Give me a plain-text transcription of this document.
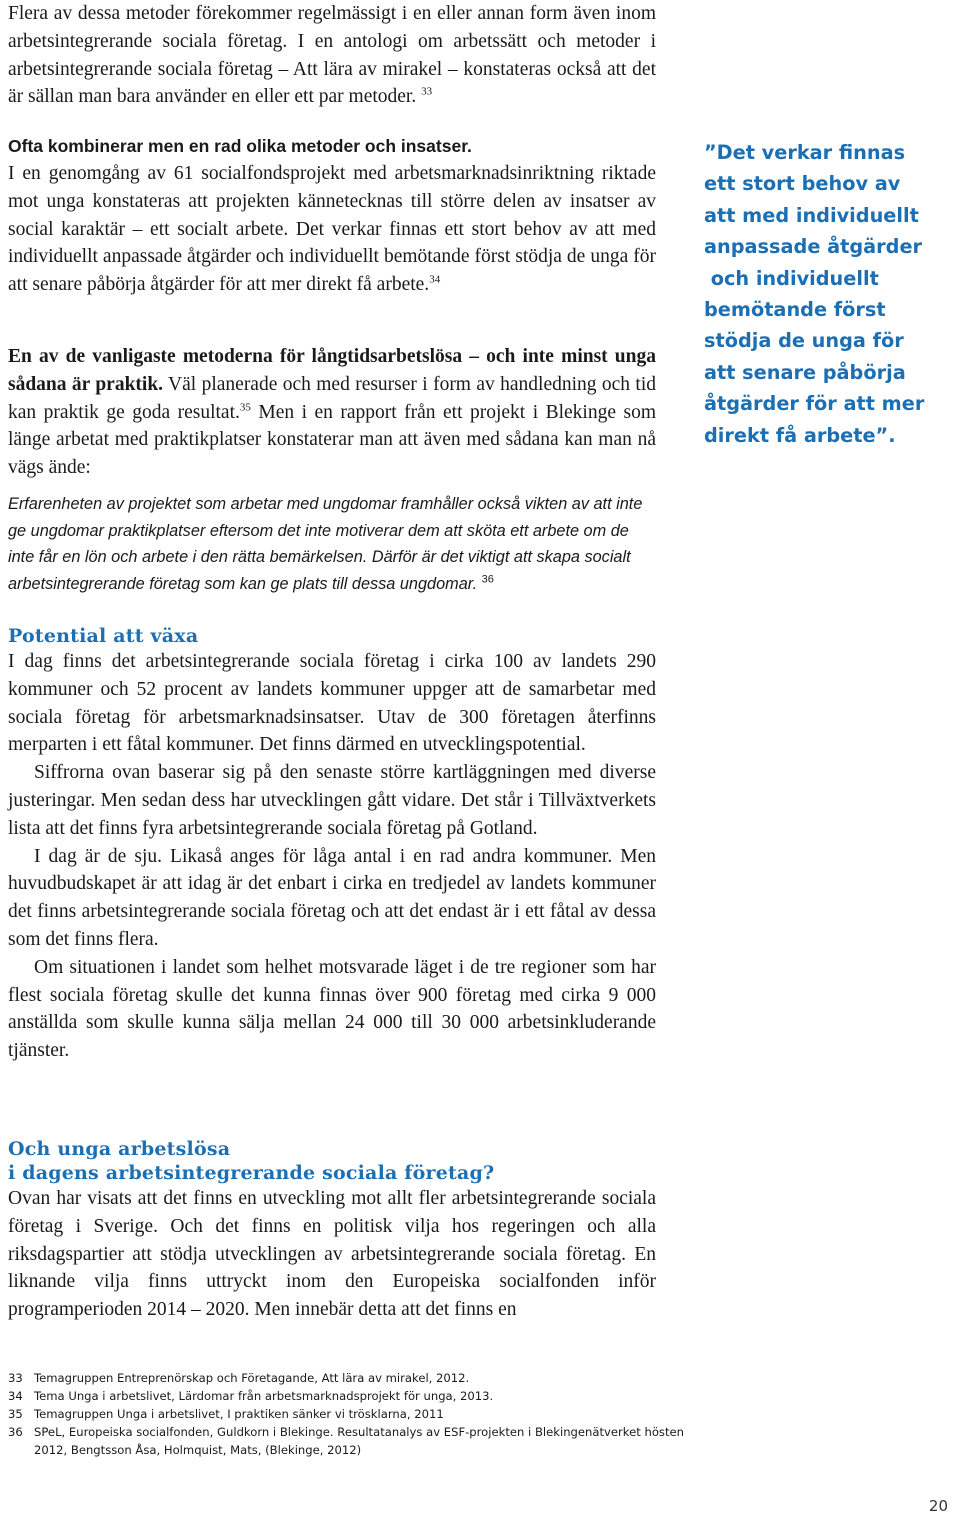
Flera av dessa metoder förekommer regelmässigt i en eller annan form även inom arbetsintegrerande sociala företag. I en antologi om arbetssätt och metoder i arbetsintegrerande sociala företag – Att lära av mirakel – konstateras också att det är sällan man bara använder en eller ett par metoder. $^{33}$

Ofta kombinerar men en rad olika metoder och insatser.

I en genomgång av 61 socialfondsprojekt med arbetsmarknadsinriktning riktade mot unga konstateras att projekten kännetecknas till större delen av insatser av social karaktär – ett socialt arbete. Det verkar finnas ett stort behov av att med individuellt anpassade åtgärder och individuellt bemötande först stödja de unga för att senare påbörja åtgärder för att mer direkt få arbete.$^{34}$

En av de vanligaste metoderna för långtidsarbetslösa – och inte minst unga sådana är praktik. Väl planerade och med resurser i form av handledning och tid kan praktik ge goda resultat.$^{35}$ Men i en rapport från ett projekt i Blekinge som länge arbetat med praktikplatser konstaterar man att även med sådana kan man nå vägs ände:

Erfarenheten av projektet som arbetar med ungdomar framhåller också vikten av att inte ge ungdomar praktikplatser eftersom det inte motiverar dem att sköta ett arbete om de inte får en lön och arbete i den rätta bemärkelsen. Därför är det viktigt att skapa socialt arbetsintegrerande företag som kan ge plats till dessa ungdomar. $^{36}$
Potential att växa

I dag finns det arbetsintegrerande sociala företag i cirka 100 av landets 290 kommuner och 52 procent av landets kommuner uppger att de samarbetar med sociala företag för arbetsmarknadsinsatser. Utav de 300 företagen återfinns merparten i ett fåtal kommuner. Det finns därmed en utvecklingspotential.

Siffrorna ovan baserar sig på den senaste större kartläggningen med diverse justeringar. Men sedan dess har utvecklingen gått vidare. Det står i Tillväxtverkets lista att det finns fyra arbetsintegrerande sociala företag på Gotland.

I dag är de sju. Likaså anges för låga antal i en rad andra kommuner. Men huvudbudskapet är att idag är det enbart i cirka en tredjedel av landets kommuner det finns arbetsintegrerande sociala företag och att det endast är i ett fåtal av dessa som det finns flera.

Om situationen i landet som helhet motsvarade läget i de tre regioner som har flest sociala företag skulle det kunna finnas över 900 företag med cirka 9 000 anställda som skulle kunna sälja mellan 24 000 till 30 000 arbetsinkluderande tjänster.

Och unga arbetslösa
i dagens arbetsintegrerande sociala företag?

Ovan har visats att det finns en utveckling mot allt fler arbetsintegrerande sociala företag i Sverige. Och det finns en politisk vilja hos regeringen och alla riksdagspartier att stödja utvecklingen av arbetsintegrerande sociala företag. En liknande vilja finns uttryckt inom den Europeiska socialfonden inför programperioden 2014 – 2020. Men innebär detta att det finns en

”Det verkar finnas
ett stort behov av
att med individuellt
anpassade åtgärder
och individuellt
bemötande först
stödja de unga för
att senare påbörja
åtgärder för att mer
direkt få arbete”.
33 Temagruppen Entreprenörskap och Företagande, Att lära av mirakel, 2012.
34 Tema Unga i arbetslivet, Lärdomar från arbetsmarknadsprojekt för unga, 2013.
35 Temagruppen Unga i arbetslivet, I praktiken sänker vi trösklarna, 2011
36 SPeL, Europeiska socialfonden, Guldkorn i Blekinge. Resultatanalys av ESF-projekten i Blekingenätverket hösten 2012, Bengtsson Åsa, Holmquist, Mats, (Blekinge, 2012)
20
